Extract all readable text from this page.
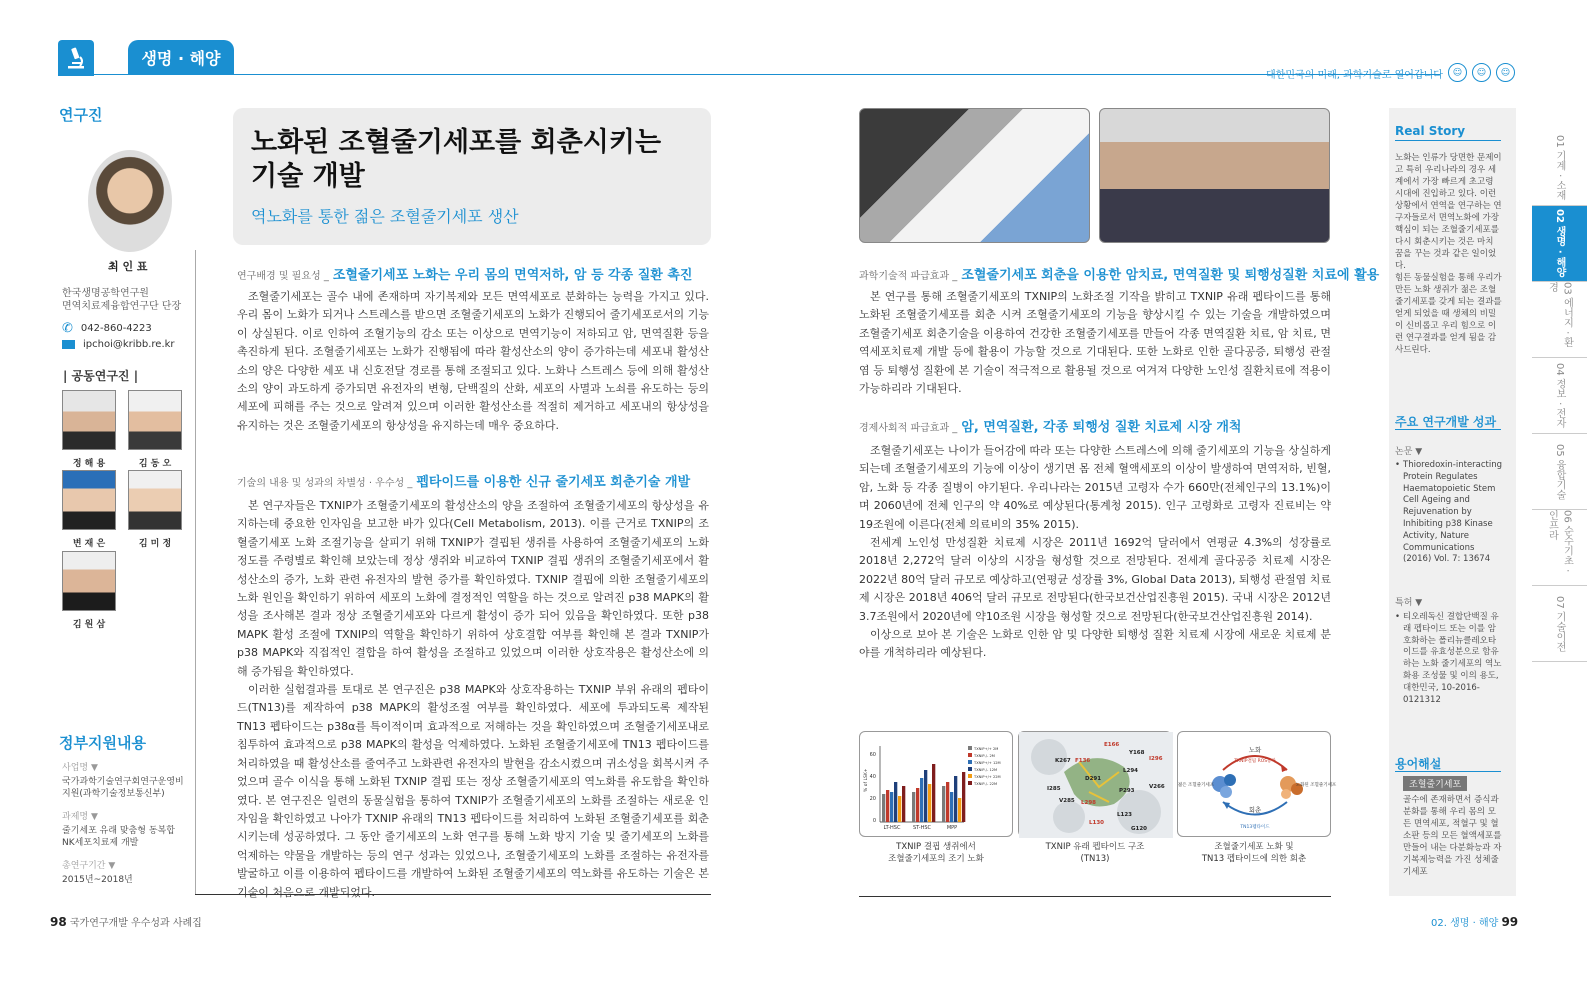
생명 · 해양
대한민국의 미래, 과학기술로 열어갑니다	☺	☺	☺
연구진
최 인 표
한국생명공학연구원
면역치료제융합연구단 단장
✆ 042-860-4223
ipchoi@kribb.re.kr
| 공동연구진 |
정 해 용	김 동 오
변 재 은	김 미 정
김 원 삼
정부지원내용
사업명 ▼
국가과학기술연구회연구운영비 지원(과학기술정보통신부)
과제명 ▼
줄기세포 유래 맞춤형 동복합 NK세포치료제 개발
총연구기간 ▼
2015년~2018년
노화된 조혈줄기세포를 회춘시키는
기술 개발
역노화를 통한 젊은 조혈줄기세포 생산
연구배경 및 필요성 _ 조혈줄기세포 노화는 우리 몸의 면역저하, 암 등 각종 질환 촉진
조혈줄기세포는 골수 내에 존재하며 자기복제와 모든 면역세포로 분화하는 능력을 가지고 있다. 우리 몸이 노화가 되거나 스트레스를 받으면 조혈줄기세포의 노화가 진행되어 줄기세포로서의 기능이 상실된다. 이로 인하여 조혈기능의 감소 또는 이상으로 면역기능이 저하되고 암, 면역질환 등을 촉진하게 된다. 조혈줄기세포는 노화가 진행됨에 따라 활성산소의 양이 증가하는데 세포내 활성산소의 양은 다양한 세포 내 신호전달 경로를 통해 조절되고 있다. 노화나 스트레스 등에 의해 활성산소의 양이 과도하게 증가되면 유전자의 변형, 단백질의 산화, 세포의 사멸과 노쇠를 유도하는 등의 세포에 피해를 주는 것으로 알려져 있으며 이러한 활성산소를 적절히 제거하고 세포내의 항상성을 유지하는 것은 조혈줄기세포의 항상성을 유지하는데 매우 중요하다.
기술의 내용 및 성과의 차별성 · 우수성 _ 펩타이드를 이용한 신규 줄기세포 회춘기술 개발

본 연구자들은 TXNIP가 조혈줄기세포의 활성산소의 양을 조절하여 조혈줄기세포의 항상성을 유지하는데 중요한 인자임을 보고한 바가 있다(Cell Metabolism, 2013). 이를 근거로 TXNIP의 조혈줄기세포 노화 조절기능을 살피기 위해 TXNIP가 결핍된 생쥐를 사용하여 조혈줄기세포의 노화 정도를 주령별로 확인해 보았는데 정상 생쥐와 비교하여 TXNIP 결핍 생쥐의 조혈줄기세포에서 활성산소의 증가, 노화 관련 유전자의 발현 증가를 확인하였다. TXNIP 결핍에 의한 조혈줄기세포의 노화 원인을 확인하기 위하여 세포의 노화에 결정적인 역할을 하는 것으로 알려진 p38 MAPK의 활성을 조사해본 결과 정상 조혈줄기세포와 다르게 활성이 증가 되어 있음을 확인하였다. 또한 p38 MAPK 활성 조절에 TXNIP의 역할을 확인하기 위하여 상호결합 여부를 확인해 본 결과 TXNIP가 p38 MAPK와 직접적인 결합을 하여 활성을 조절하고 있었으며 이러한 상호작용은 활성산소에 의해 증가됨을 확인하였다.

이러한 실험결과를 토대로 본 연구진은 p38 MAPK와 상호작용하는 TXNIP 부위 유래의 펩타이드(TN13)를 제작하여 p38 MAPK의 활성조절 여부를 확인하였다. 세포에 투과되도록 제작된 TN13 펩타이드는 p38α를 특이적이며 효과적으로 저해하는 것을 확인하였으며 조혈줄기세포내로 침투하여 효과적으로 p38 MAPK의 활성을 억제하였다. 노화된 조혈줄기세포에 TN13 펩타이드를 처리하였을 때 활성산소를 줄여주고 노화관련 유전자의 발현을 감소시켰으며 귀소성을 회복시켜 주었으며 골수 이식을 통해 노화된 TXNIP 결핍 또는 정상 조혈줄기세포의 역노화를 유도함을 확인하였다. 본 연구진은 일련의 동물실험을 통하여 TXNIP가 조혈줄기세포의 노화를 조절하는 새로운 인자임을 확인하였고 나아가 TXNIP 유래의 TN13 펩타이드를 처리하여 노화된 조혈줄기세포를 회춘 시키는데 성공하였다. 그 동안 줄기세포의 노화 연구를 통해 노화 방지 기술 및 줄기세포의 노화를 억제하는 약물을 개발하는 등의 연구 성과는 있었으나, 조혈줄기세포의 노화를 조절하는 유전자를 발굴하고 이를 이용하여 펩타이드를 개발하여 노화된 조혈줄기세포의 역노화를 유도하는 기술은 본 기술이 처음으로 개발되었다.

과학기술적 파급효과 _ 조혈줄기세포 회춘을 이용한 암치료, 면역질환 및 퇴행성질환 치료에 활용
본 연구를 통해 조혈줄기세포의 TXNIP의 노화조절 기작을 밝히고 TXNIP 유래 펩타이드를 통해 노화된 조혈줄기세포를 회춘 시켜 조혈줄기세포의 기능을 향상시킬 수 있는 기술을 개발하였으며 조혈줄기세포 회춘기술을 이용하여 건강한 조혈줄기세포를 만들어 각종 면역질환 치료, 암 치료, 면역세포치료제 개발 등에 활용이 가능할 것으로 기대된다. 또한 노화로 인한 골다공증, 퇴행성 관절염 등 퇴행성 질환에 본 기술이 적극적으로 활용될 것으로 여겨져 다양한 노인성 질환치료에 적용이 가능하리라 기대된다.
경제사회적 파급효과 _ 암, 면역질환, 각종 퇴행성 질환 치료제 시장 개척

조혈줄기세포는 나이가 들어감에 따라 또는 다양한 스트레스에 의해 줄기세포의 기능을 상실하게 되는데 조혈줄기세포의 기능에 이상이 생기면 몸 전체 혈액세포의 이상이 발생하여 면역저하, 빈혈, 암, 노화 등 각종 질병이 야기된다. 우리나라는 2015년 고령자 수가 660만(전체인구의 13.1%)이며 2060년에 전체 인구의 약 40%로 예상된다(통계청 2015). 인구 고령화로 고령자 진료비는 약 19조원에 이른다(전체 의료비의 35% 2015).

전세계 노인성 만성질환 치료제 시장은 2011년 1692억 달러에서 연평균 4.3%의 성장률로 2018년 2,272억 달러 이상의 시장을 형성할 것으로 전망된다. 전세계 골다공증 치료제 시장은 2022년 80억 달러 규모로 예상하고(연평균 성장률 3%, Global Data 2013), 퇴행성 관절염 치료제 시장은 2018년 406억 달러 규모로 전망된다(한국보건산업진흥원 2015). 국내 시장은 2012년 3.7조원에서 2020년에 약10조원 시장을 형성할 것으로 전망된다(한국보건산업진흥원 2014).

이상으로 보아 본 기술은 노화로 인한 암 및 다양한 퇴행성 질환 치료제 시장에 새로운 치료제 분야를 개척하리라 예상된다.

60
40
20
0
% of LSK+
LT-HSC	ST-HSC	MPP
TXNIP+/+ 2M
TXNIP-/- 2M
TXNIP+/+ 12M
TXNIP-/- 12M
TXNIP+/+ 22M
TXNIP-/- 22M
E166
Y168
K267 F136
D291
L294
I296
I285
V285 L298
P293
V266
L130
G120
L123
노화
TXNIP결핍 ROS증가
젊은 조혈줄기세포	노화된 조혈줄기세포
회춘
TN13펩타이드
TXNIP 결핍 생쥐에서
조혈줄기세포의 조기 노화
TXNIP 유래 펩타이드 구조
(TN13)
조혈줄기세포 노화 및
TN13 펩타이드에 의한 회춘
Real Story
노화는 인류가 당면한 문제이고 특히 우리나라의 경우 세계에서 가장 빠르게 초고령 시대에 진입하고 있다. 이런 상황에서 연역을 연구하는 연구자들로서 면역노화에 가장 핵심이 되는 조혈줄기세포를 다시 회춘시키는 것은 마치 꿈을 꾸는 것과 같은 일이었다.
힘든 동물실험을 통해 우리가 만든 노화 생쥐가 젊은 조혈줄기세포를 갖게 되는 결과를 얻게 되었을 때 생체의 비밀이 신비롭고 우리 힘으로 이런 연구결과를 얻게 됨을 감사드린다.
주요 연구개발 성과
논문 ▼
• Thioredoxin-interacting Protein Regulates Haematopoietic Stem Cell Ageing and Rejuvenation by Inhibiting p38 Kinase Activity, Nature Communications (2016) Vol. 7: 13674
특허 ▼
• 티오레독신 결합단백질 유래 펩타이드 또는 이를 암호화하는 폴리뉴클레오타이드를 유효성분으로 함유하는 노화 줄기세포의 역노화용 조성물 및 이의 용도, 대한민국, 10-2016-0121312
용어해설
조혈줄기세포
골수에 존재하면서 증식과 분화를 통해 우리 몸의 모든 면역세포, 적혈구 및 혈소판 등의 모든 혈액세포를 만들어 내는 다분화능과 자기복제능력을 가진 성체줄기세포
01 기계 · 소재
02 생명 · 해양
03 에너지 · 환경
04 정보 · 전자
05 융합기술
06 순수기초 · 인프라
07 기술이전
98 국가연구개발 우수성과 사례집	02. 생명 · 해양 99
